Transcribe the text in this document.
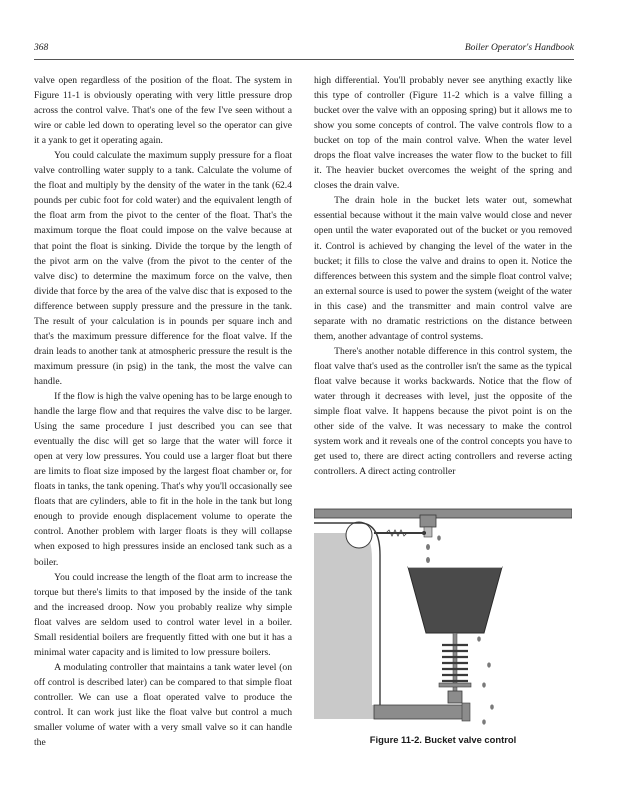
368	Boiler Operator's Handbook

valve open regardless of the position of the float. The system in Figure 11-1 is obviously operating with very little pressure drop across the control valve. That's one of the few I've seen without a wire or cable led down to operating level so the operator can give it a yank to get it operating again.

You could calculate the maximum supply pressure for a float valve controlling water supply to a tank. Calculate the volume of the float and multiply by the density of the water in the tank (62.4 pounds per cubic foot for cold water) and the equivalent length of the float arm from the pivot to the center of the float. That's the maximum torque the float could impose on the valve because at that point the float is sinking. Divide the torque by the length of the pivot arm on the valve (from the pivot to the center of the valve disc) to determine the maximum force on the valve, then divide that force by the area of the valve disc that is exposed to the difference between supply pressure and the pressure in the tank. The result of your calculation is in pounds per square inch and that's the maximum pressure difference for the float valve. If the drain leads to another tank at atmospheric pressure the result is the maximum pressure (in psig) in the tank, the most the valve can handle.

If the flow is high the valve opening has to be large enough to handle the large flow and that requires the valve disc to be larger. Using the same procedure I just described you can see that eventually the disc will get so large that the water will force it open at very low pressures. You could use a larger float but there are limits to float size imposed by the largest float chamber or, for floats in tanks, the tank opening. That's why you'll occasionally see floats that are cylinders, able to fit in the hole in the tank but long enough to provide enough displacement volume to operate the control. Another problem with larger floats is they will collapse when exposed to high pressures inside an enclosed tank such as a boiler.

You could increase the length of the float arm to increase the torque but there's limits to that imposed by the inside of the tank and the increased droop. Now you probably realize why simple float valves are seldom used to control water level in a boiler. Small residential boilers are frequently fitted with one but it has a minimal water capacity and is limited to low pressure boilers.

A modulating controller that maintains a tank water level (on off control is described later) can be compared to that simple float controller. We can use a float operated valve to produce the control. It can work just like the float valve but control a much smaller volume of water with a very small valve so it can handle the

high differential. You'll probably never see anything exactly like this type of controller (Figure 11-2 which is a valve filling a bucket over the valve with an opposing spring) but it allows me to show you some concepts of control. The valve controls flow to a bucket on top of the main control valve. When the water level drops the float valve increases the water flow to the bucket to fill it. The heavier bucket overcomes the weight of the spring and closes the drain valve.

The drain hole in the bucket lets water out, somewhat essential because without it the main valve would close and never open until the water evaporated out of the bucket or you removed it. Control is achieved by changing the level of the water in the bucket; it fills to close the valve and drains to open it. Notice the differences between this system and the simple float control valve; an external source is used to power the system (weight of the water in this case) and the transmitter and main control valve are separate with no dramatic restrictions on the distance between them, another advantage of control systems.

There's another notable difference in this control system, the float valve that's used as the controller isn't the same as the typical float valve because it works backwards. Notice that the flow of water through it decreases with level, just the opposite of the simple float valve. It happens because the pivot point is on the other side of the valve. It was necessary to make the control system work and it reveals one of the control concepts you have to get used to, there are direct acting controllers and reverse acting controllers. A direct acting controller

Figure 11-2. Bucket valve control
